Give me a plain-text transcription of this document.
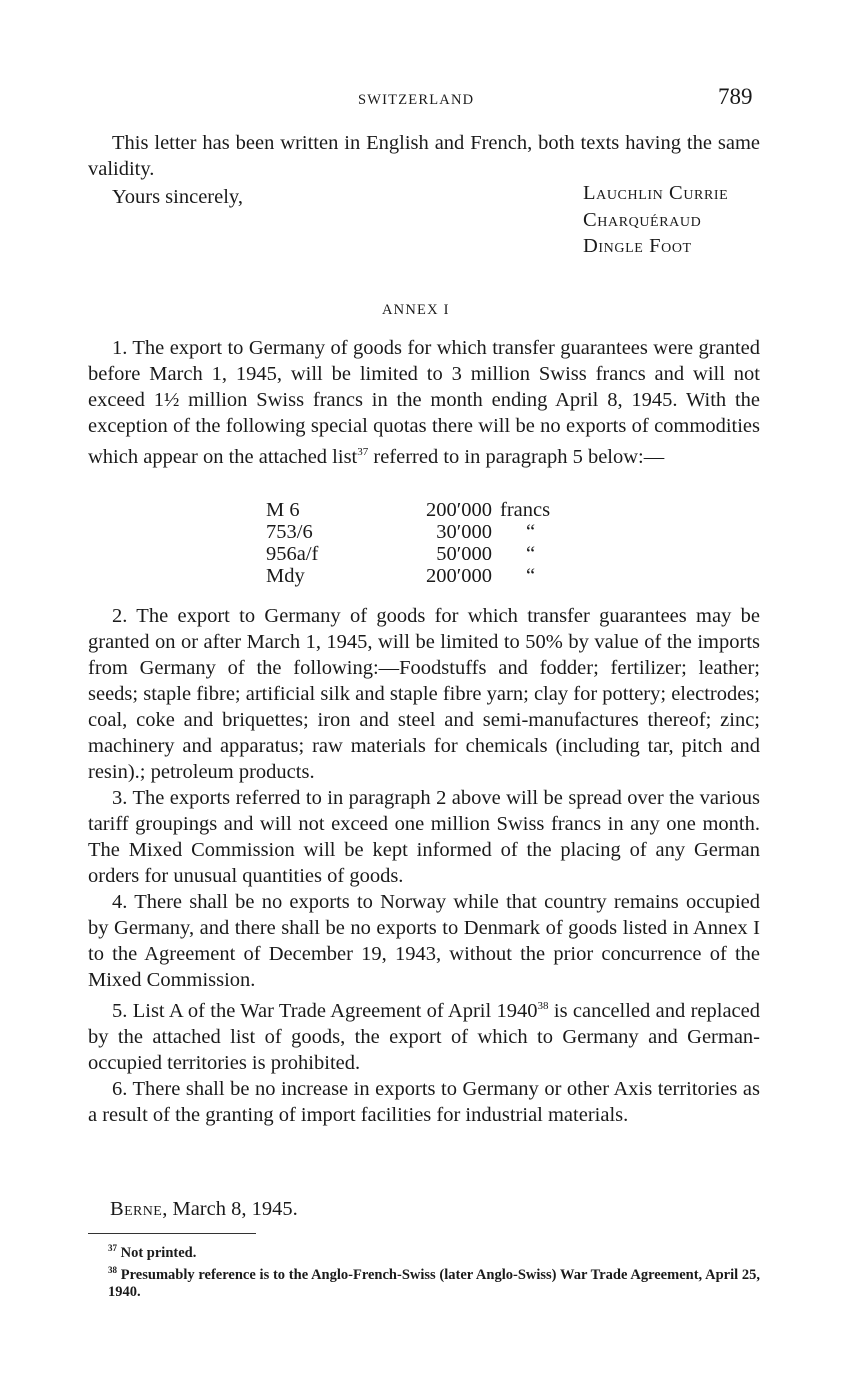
SWITZERLAND	789

This letter has been written in English and French, both texts having the same validity.

Yours sincerely,	Lauchlin Currie
Charquéraud
Dingle Foot
ANNEX I

1. The export to Germany of goods for which transfer guarantees were granted before March 1, 1945, will be limited to 3 million Swiss francs and will not exceed 1½ million Swiss francs in the month ending April 8, 1945. With the exception of the following special quotas there will be no exports of commodities which appear on the attached list$^{37}$ referred to in paragraph 5 below:—

M 6	200′000	francs
753/6	30′000	“
956a/f	50′000	“
Mdy	200′000	“

2. The export to Germany of goods for which transfer guarantees may be granted on or after March 1, 1945, will be limited to 50% by value of the imports from Germany of the following:—Foodstuffs and fodder; fertilizer; leather; seeds; staple fibre; artificial silk and staple fibre yarn; clay for pottery; electrodes; coal, coke and briquettes; iron and steel and semi-manufactures thereof; zinc; machinery and apparatus; raw materials for chemicals (including tar, pitch and resin).; petroleum products.

3. The exports referred to in paragraph 2 above will be spread over the various tariff groupings and will not exceed one million Swiss francs in any one month. The Mixed Commission will be kept informed of the placing of any German orders for unusual quantities of goods.

4. There shall be no exports to Norway while that country remains occupied by Germany, and there shall be no exports to Denmark of goods listed in Annex I to the Agreement of December 19, 1943, without the prior concurrence of the Mixed Commission.

5. List A of the War Trade Agreement of April 1940$^{38}$ is cancelled and replaced by the attached list of goods, the export of which to Germany and German-occupied territories is prohibited.

6. There shall be no increase in exports to Germany or other Axis territories as a result of the granting of import facilities for industrial materials.

Berne, March 8, 1945.

$^{37}$ Not printed.

$^{38}$ Presumably reference is to the Anglo-French-Swiss (later Anglo-Swiss) War Trade Agreement, April 25, 1940.
